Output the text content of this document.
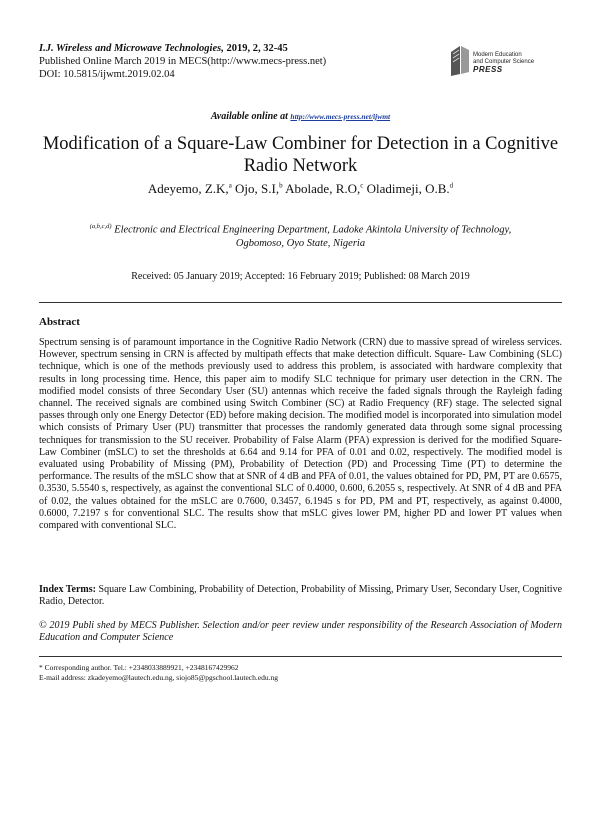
I.J. Wireless and Microwave Technologies, 2019, 2, 32-45
Published Online March 2019 in MECS(http://www.mecs-press.net)
DOI: 10.5815/ijwmt.2019.02.04
Modern Education
and Computer Science
PRESS
Available online at http://www.mecs-press.net/ijwmt
Modification of a Square-Law Combiner for Detection in a Cognitive Radio Network
Adeyemo, Z.K,$^a$ Ojo, S.I,$^b$ Abolade, R.O,$^c$ Oladimeji, O.B.$^d$
$^{(a,b,c,d)}$ Electronic and Electrical Engineering Department, Ladoke Akintola University of Technology,
Ogbomoso, Oyo State, Nigeria
Received: 05 January 2019; Accepted: 16 February 2019; Published: 08 March 2019
Abstract
Spectrum sensing is of paramount importance in the Cognitive Radio Network (CRN) due to massive spread of wireless services. However, spectrum sensing in CRN is affected by multipath effects that make detection difficult. Square- Law Combining (SLC) technique, which is one of the methods previously used to address this problem, is associated with hardware complexity that results in long processing time. Hence, this paper aim to modify SLC technique for primary user detection in the CRN. The modified model consists of three Secondary User (SU) antennas which receive the faded signals through the Rayleigh fading channel. The received signals are combined using Switch Combiner (SC) at Radio Frequency (RF) stage. The selected signal passes through only one Energy Detector (ED) before making decision. The modified model is incorporated into simulation model which consists of Primary User (PU) transmitter that processes the randomly generated data through some signal processing techniques for transmission to the SU receiver. Probability of False Alarm (PFA) expression is derived for the modified Square-Law Combiner (mSLC) to set the thresholds at 6.64 and 9.14 for PFA of 0.01 and 0.02, respectively. The modified model is evaluated using Probability of Missing (PM), Probability of Detection (PD) and Processing Time (PT) to determine the performance. The results of the mSLC show that at SNR of 4 dB and PFA of 0.01, the values obtained for PD, PM, PT are 0.6575, 0.3530, 5.5540 s, respectively, as against the conventional SLC of 0.4000, 0.600, 6.2055 s, respectively. At SNR of 4 dB and PFA of 0.02, the values obtained for the mSLC are 0.7600, 0.3457, 6.1945 s for PD, PM and PT, respectively, as against 0.4000, 0.6000, 7.2197 s for conventional SLC. The results show that mSLC gives lower PM, higher PD and lower PT values when compared with conventional SLC.
Index Terms: Square Law Combining, Probability of Detection, Probability of Missing, Primary User, Secondary User, Cognitive Radio, Detector.
© 2019 Publi shed by MECS Publisher. Selection and/or peer review under responsibility of the Research Association of Modern Education and Computer Science
* Corresponding author. Tel.: +2348033889921, +2348167429962
E-mail address: zkadeyemo@lautech.edu.ng, siojo85@pgschool.lautech.edu.ng
